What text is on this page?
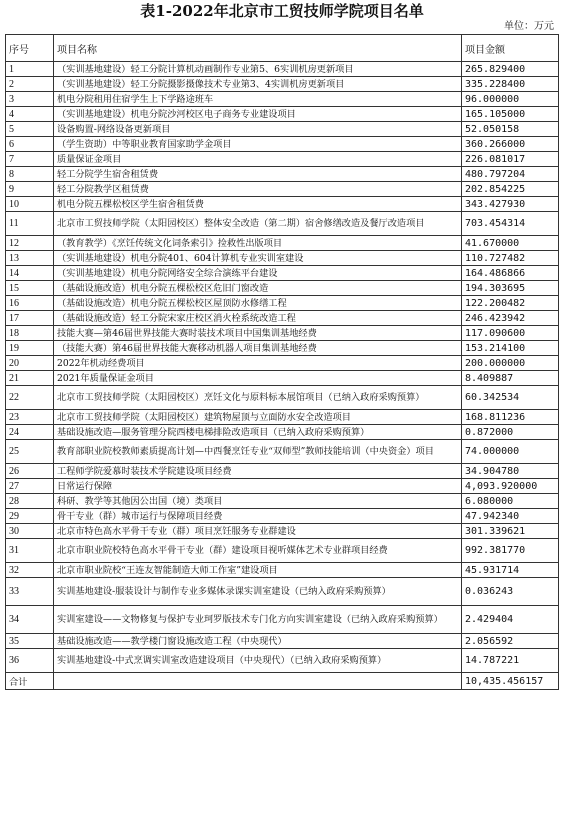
表1-2022年北京市工贸技师学院项目名单
单位：万元
序号	项目名称	项目金额
1	（实训基地建设）轻工分院计算机动画制作专业第5、6实训机房更新项目	265.829400
2	（实训基地建设）轻工分院摄影摄像技术专业第3、4实训机房更新项目	335.228400
3	机电分院租用住宿学生上下学路途班车	96.000000
4	（实训基地建设）机电分院沙河校区电子商务专业建设项目	165.105000
5	设备购置-网络设备更新项目	52.050158
6	（学生资助）中等职业教育国家助学金项目	360.266000
7	质量保证金项目	226.081017
8	轻工分院学生宿舍租赁费	480.797204
9	轻工分院教学区租赁费	202.854225
10	机电分院五棵松校区学生宿舍租赁费	343.427930
11	北京市工贸技师学院（太阳园校区）整体安全改造（第二期）宿舍修缮改造及餐厅改造项目	703.454314
12	（教育教学）《烹饪传统文化词条索引》捡救性出版项目	41.670000
13	（实训基地建设）机电分院401、604计算机专业实训室建设	110.727482
14	（实训基地建设）机电分院网络安全综合演练平台建设	164.486866
15	（基础设施改造）机电分院五棵松校区危旧门窗改造	194.303695
16	（基础设施改造）机电分院五棵松校区屋顶防水修缮工程	122.200482
17	（基础设施改造）轻工分院宋家庄校区消火栓系统改造工程	246.423942
18	技能大赛—第46届世界技能大赛时装技术项目中国集训基地经费	117.090600
19	（技能大赛）第46届世界技能大赛移动机器人项目集训基地经费	153.214100
20	2022年机动经费项目	200.000000
21	2021年质量保证金项目	8.409887
22	北京市工贸技师学院（太阳园校区）烹饪文化与原料标本展馆项目（已纳入政府采购预算）	60.342534
23	北京市工贸技师学院（太阳园校区）建筑物屋顶与立面防水安全改造项目	168.811236
24	基础设施改造—服务管理分院西楼电梯排险改造项目（已纳入政府采购预算）	0.872000
25	教育部职业院校教师素质提高计划—中西餐烹饪专业“双师型”教师技能培训（中央资金）项目	74.000000
26	工程师学院爱慕时装技术学院建设项目经费	34.904780
27	日常运行保障	4,093.920000
28	科研、教学等其他因公出国（境）类项目	6.080000
29	骨干专业（群）城市运行与保障项目经费	47.942340
30	北京市特色高水平骨干专业（群）项目烹饪服务专业群建设	301.339621
31	北京市职业院校特色高水平骨干专业（群）建设项目视听媒体艺术专业群项目经费	992.381770
32	北京市职业院校“王连友智能制造大师工作室”建设项目	45.931714
33	实训基地建设-服装设计与制作专业多媒体录课实训室建设（已纳入政府采购预算）	0.036243
34	实训室建设——文物修复与保护专业珂罗版技术专门化方向实训室建设（已纳入政府采购预算）	2.429404
35	基础设施改造——教学楼门窗设施改造工程（中央现代）	2.056592
36	实训基地建设-中式烹调实训室改造建设项目（中央现代）（已纳入政府采购预算）	14.787221
合计		10,435.456157
